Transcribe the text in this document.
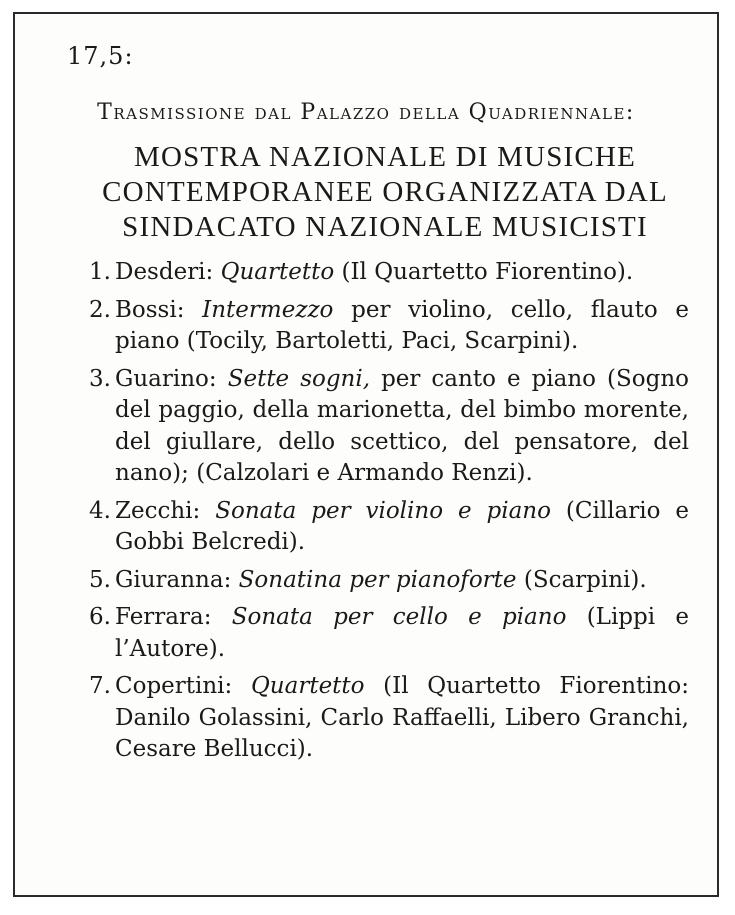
17,5:
Trasmissione dal Palazzo della Quadriennale:
MOSTRA NAZIONALE DI MUSICHE
CONTEMPORANEE ORGANIZZATA DAL
SINDACATO NAZIONALE MUSICISTI
1. Desderi: Quartetto (Il Quartetto Fiorentino).
2. Bossi: Intermezzo per violino, cello, flauto e piano (Tocily, Bartoletti, Paci, Scarpini).
3. Guarino: Sette sogni, per canto e piano (Sogno del paggio, della marionetta, del bimbo morente, del giullare, dello scettico, del pensatore, del nano); (Calzolari e Armando Renzi).
4. Zecchi: Sonata per violino e piano (Cillario e Gobbi Belcredi).
5. Giuranna: Sonatina per pianoforte (Scarpini).
6. Ferrara: Sonata per cello e piano (Lippi e l’Autore).
7. Copertini: Quartetto (Il Quartetto Fiorentino: Danilo Golassini, Carlo Raffaelli, Libero Granchi, Cesare Bellucci).
